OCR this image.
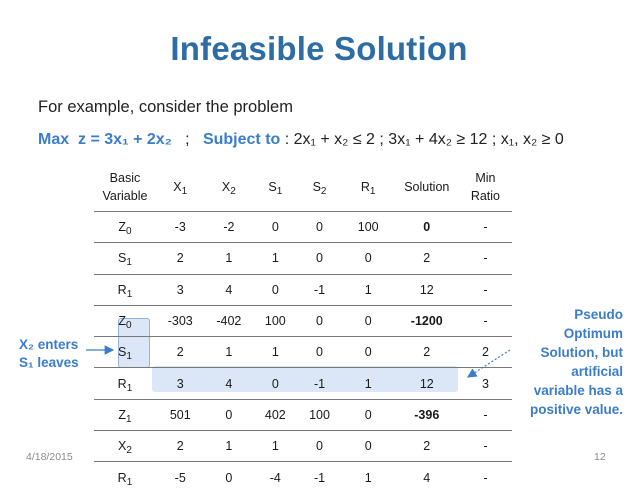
Infeasible Solution
For example, consider the problem
Max z = 3x₁ + 2x₂ ; Subject to : 2x₁ + x₂ ≤ 2 ; 3x₁ + 4x₂ ≥ 12 ; x₁, x₂ ≥ 0
Basic
Variable	$X_1$	$X_2$	$S_1$	$S_2$	$R_1$	Solution	Min
Ratio
$Z_0$	-3	-2	0	0	100	0	-
$S_1$	2	1	1	0	0	2	-
$R_1$	3	4	0	-1	1	12	-
$Z_0$	-303	-402	100	0	0	-1200	-
$S_1$	2	1	1	0	0	2	2
$R_1$	3	4	0	-1	1	12	3
$Z_1$	501	0	402	100	0	-396	-
$X_2$	2	1	1	0	0	2	-
$R_1$	-5	0	-4	-1	1	4	-
X₂ enters
S₁ leaves
Pseudo
Optimum
Solution, but
artificial
variable has a
positive value.
4/18/2015	12
